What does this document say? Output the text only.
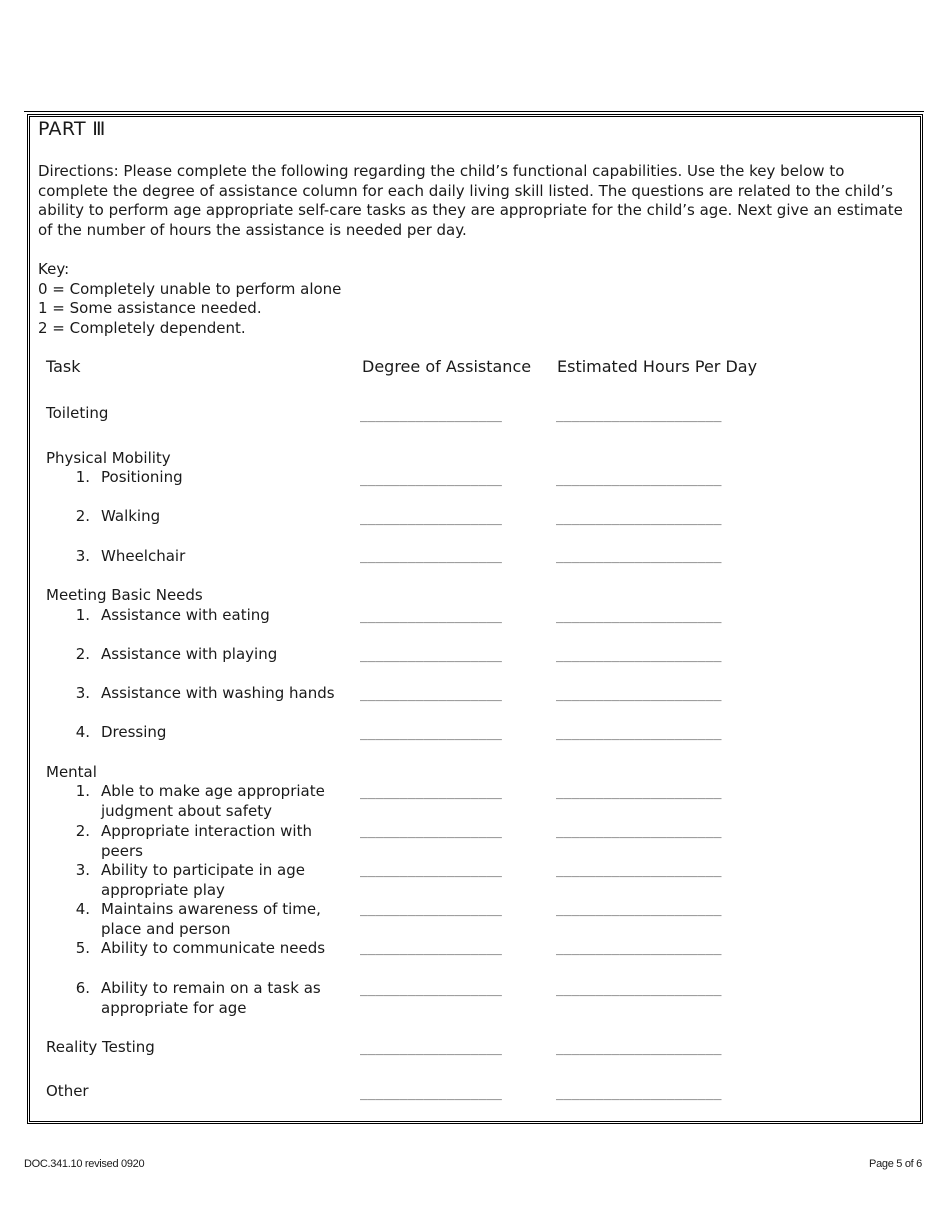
PART Ⅲ
Directions: Please complete the following regarding the child’s functional capabilities. Use the key below to complete the degree of assistance column for each daily living skill listed. The questions are related to the child’s ability to perform age appropriate self-care tasks as they are appropriate for the child’s age. Next give an estimate of the number of hours the assistance is needed per day.
Key:
0 = Completely unable to perform alone
1 = Some assistance needed.
2 = Completely dependent.
Task	Degree of Assistance Estimated Hours Per Day
Toileting	__________________	_____________________
Physical Mobility
1. Positioning	__________________	_____________________
2. Walking	__________________	_____________________
3. Wheelchair	__________________	_____________________
Meeting Basic Needs
1. Assistance with eating	__________________	_____________________
2. Assistance with playing	__________________	_____________________
3. Assistance with washing hands __________________	_____________________
4. Dressing	__________________	_____________________
Mental
1. Able to make age appropriate
judgment about safety
__________________	_____________________
2. Appropriate interaction with
peers
__________________	_____________________
3. Ability to participate in age
appropriate play
__________________	_____________________
4. Maintains awareness of time,
place and person
__________________	_____________________
5. Ability to communicate needs	__________________	_____________________
6. Ability to remain on a task as
appropriate for age
__________________	_____________________
Reality Testing	__________________	_____________________
Other	__________________	_____________________
DOC.341.10 revised 0920	Page 5 of 6
